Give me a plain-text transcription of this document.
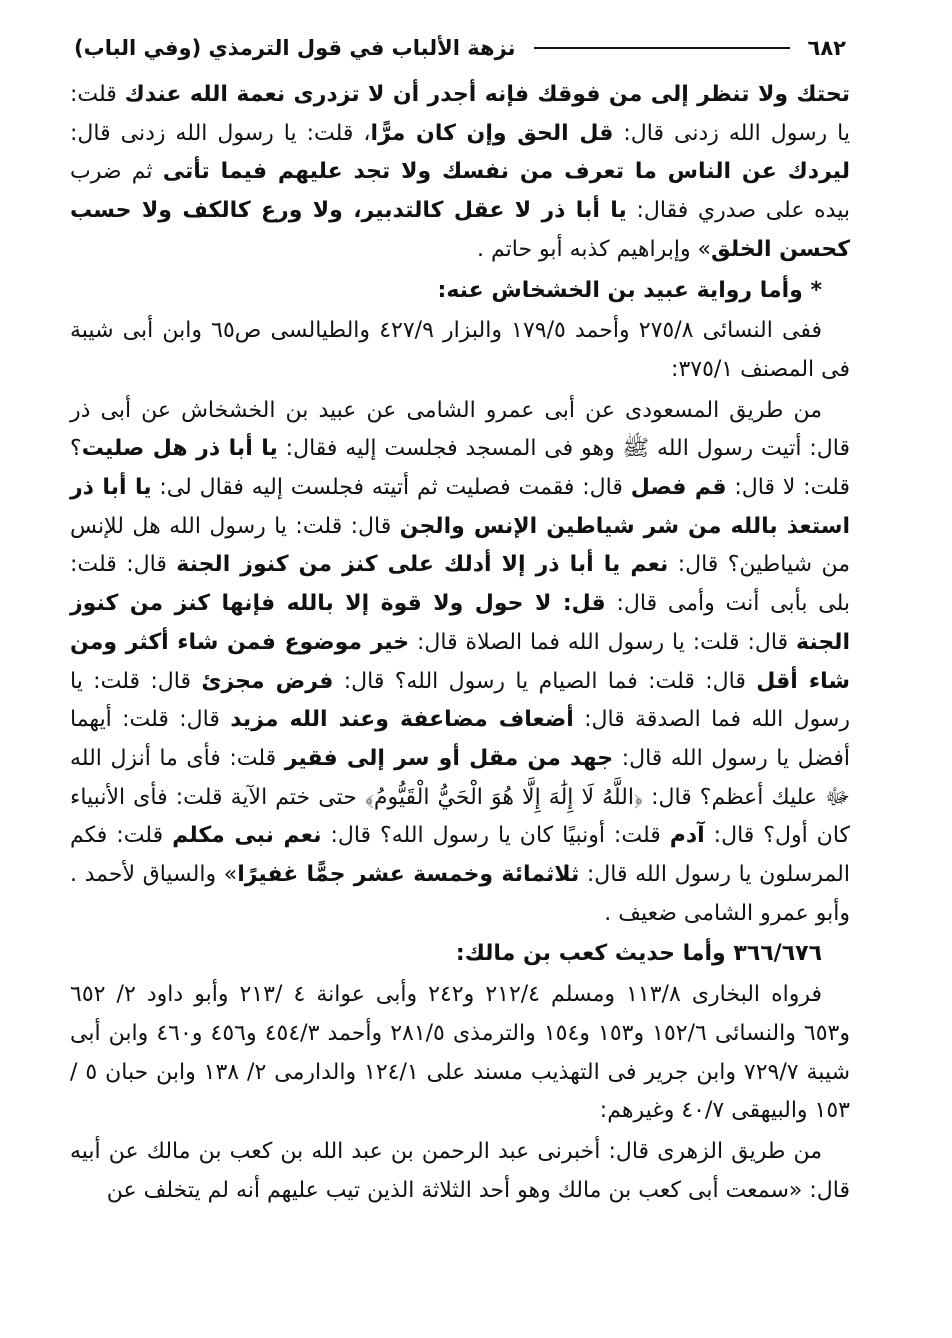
٦٨٢
نزهة الألباب في قول الترمذي (وفي الباب)

تحتك ولا تنظر إلى من فوقك فإنه أجدر أن لا تزدرى نعمة الله عندك قلت: يا رسول الله زدنى قال: قل الحق وإن كان مرًّا، قلت: يا رسول الله زدنى قال: ليردك عن الناس ما تعرف من نفسك ولا تجد عليهم فيما تأتى ثم ضرب بيده على صدري فقال: يا أبا ذر لا عقل كالتدبير، ولا ورع كالكف ولا حسب كحسن الخلق» وإبراهيم كذبه أبو حاتم .

* وأما رواية عبيد بن الخشخاش عنه:

ففى النسائى ٢٧٥/٨ وأحمد ١٧٩/٥ والبزار ٤٢٧/٩ والطيالسى ص٦٥ وابن أبى شيبة فى المصنف ٣٧٥/١:

من طريق المسعودى عن أبى عمرو الشامى عن عبيد بن الخشخاش عن أبى ذر قال: أتيت رسول الله ﷺ وهو فى المسجد فجلست إليه فقال: يا أبا ذر هل صليت؟ قلت: لا قال: قم فصل قال: فقمت فصليت ثم أتيته فجلست إليه فقال لى: يا أبا ذر استعذ بالله من شر شياطين الإنس والجن قال: قلت: يا رسول الله هل للإنس من شياطين؟ قال: نعم يا أبا ذر إلا أدلك على كنز من كنوز الجنة قال: قلت: بلى بأبى أنت وأمى قال: قل: لا حول ولا قوة إلا بالله فإنها كنز من كنوز الجنة قال: قلت: يا رسول الله فما الصلاة قال: خير موضوع فمن شاء أكثر ومن شاء أقل قال: قلت: فما الصيام يا رسول الله؟ قال: فرض مجزئ قال: قلت: يا رسول الله فما الصدقة قال: أضعاف مضاعفة وعند الله مزيد قال: قلت: أيهما أفضل يا رسول الله قال: جهد من مقل أو سر إلى فقير قلت: فأى ما أنزل الله ﷻ عليك أعظم؟ قال: ﴿اللَّهُ لَا إِلَٰهَ إِلَّا هُوَ الْحَيُّ الْقَيُّومُ﴾ حتى ختم الآية قلت: فأى الأنبياء كان أول؟ قال: آدم قلت: أونبيًا كان يا رسول الله؟ قال: نعم نبى مكلم قلت: فكم المرسلون يا رسول الله قال: ثلاثمائة وخمسة عشر جمًّا غفيرًا» والسياق لأحمد . وأبو عمرو الشامى ضعيف .

٣٦٦/٦٧٦ وأما حديث كعب بن مالك:

فرواه البخارى ١١٣/٨ ومسلم ٢١٢/٤ و٢٤٢ وأبى عوانة ٤ /٢١٣ وأبو داود ٢/ ٦٥٢ و٦٥٣ والنسائى ١٥٢/٦ و١٥٣ و١٥٤ والترمذى ٢٨١/٥ وأحمد ٤٥٤/٣ و٤٥٦ و٤٦٠ وابن أبى شيبة ٧٢٩/٧ وابن جرير فى التهذيب مسند على ١٢٤/١ والدارمى ٢/ ١٣٨ وابن حبان ٥ /١٥٣ والبيهقى ٤٠/٧ وغيرهم:

من طريق الزهرى قال: أخبرنى عبد الرحمن بن عبد الله بن كعب بن مالك عن أبيه قال: «سمعت أبى كعب بن مالك وهو أحد الثلاثة الذين تيب عليهم أنه لم يتخلف عن
